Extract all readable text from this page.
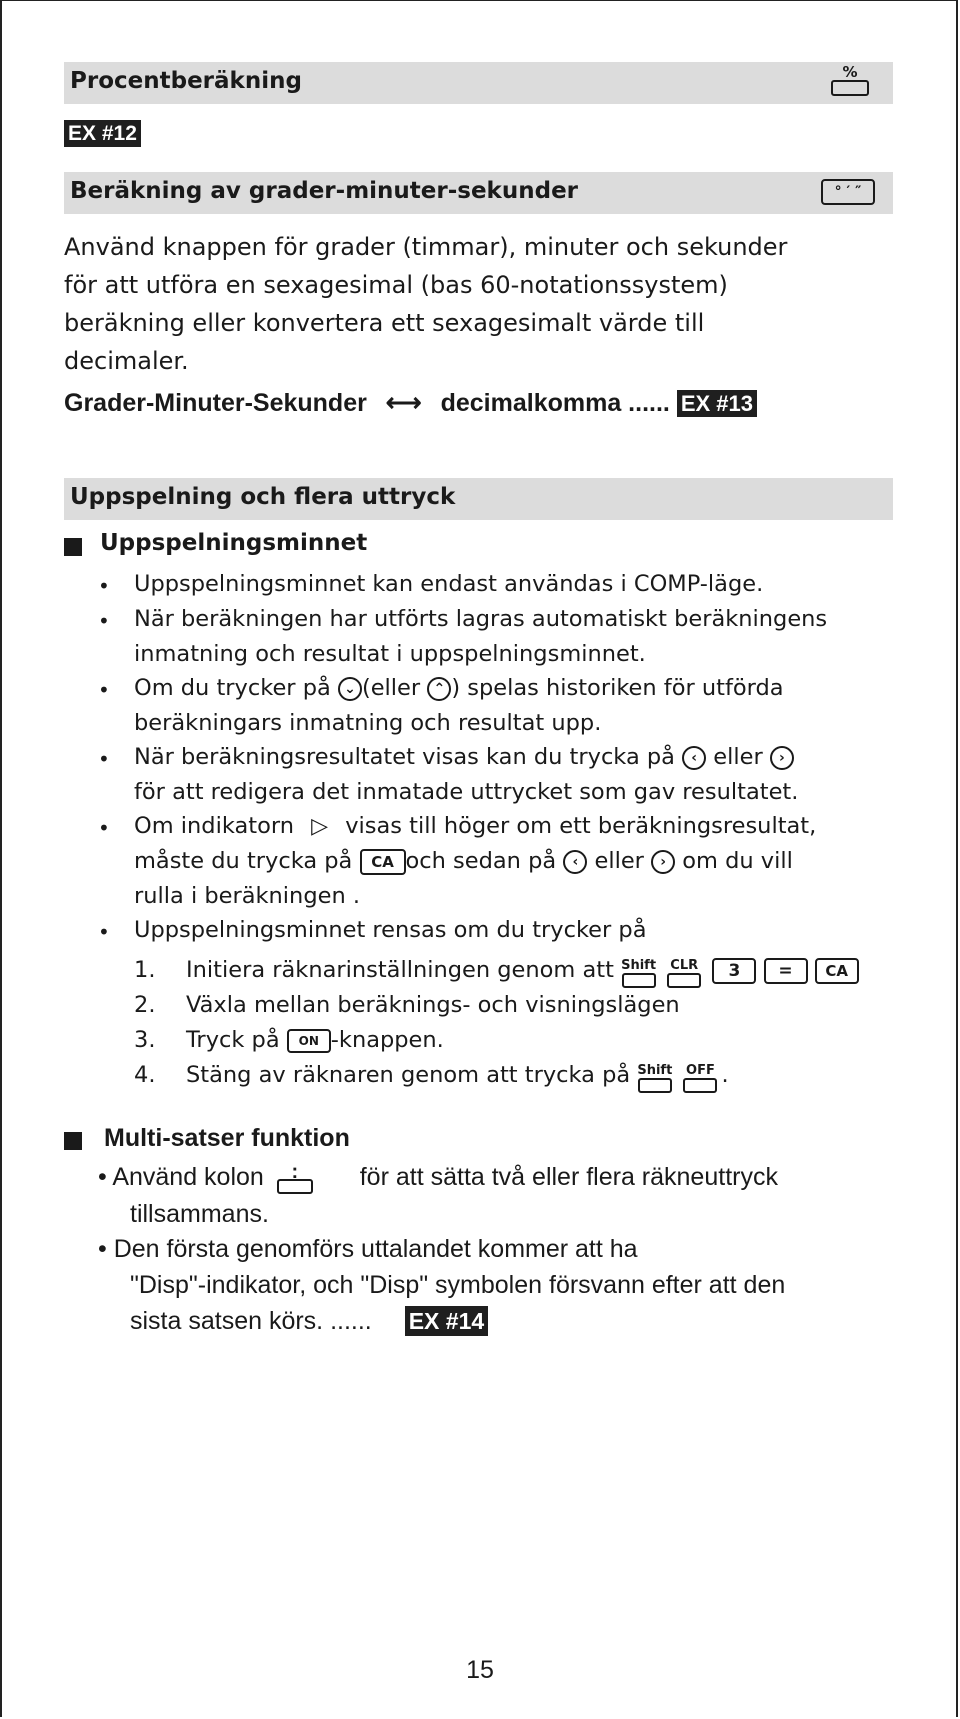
Procentberäkning	%
EX #12
Beräkning av grader-minuter-sekunder	° ′ ″
Använd knappen för grader (timmar), minuter och sekunder
för att utföra en sexagesimal (bas 60-notationssystem)
beräkning eller konvertera ett sexagesimalt värde till
decimaler.
Grader-Minuter-Sekunder ⟷ decimalkomma ...... EX #13
Uppspelning och flera uttryck
Uppspelningsminnet
• Uppspelningsminnet kan endast användas i COMP-läge.
• När beräkningen har utförts lagras automatiskt beräkningens
inmatning och resultat i uppspelningsminnet.
• Om du trycker på ⌄ (eller ⌃ ) spelas historiken för utförda
beräkningars inmatning och resultat upp.
• När beräkningsresultatet visas kan du trycka på ‹ eller ›
för att redigera det inmatade uttrycket som gav resultatet.
• Om indikatorn ▷ visas till höger om ett beräkningsresultat,
måste du trycka på CA och sedan på ‹ eller › om du vill
rulla i beräkningen .
• Uppspelningsminnet rensas om du trycker på
1. Initiera räknarinställningen genom att Shift
CLR 3 = CA
2. Växla mellan beräknings- och visningslägen
3. Tryck på ON -knappen.
4. Stäng av räknaren genom att trycka på Shift
OFF .
Multi-satser funktion
• Använd kolon : för att sätta två eller flera räkneuttryck
tillsammans.
• Den första genomförs uttalandet kommer att ha
"Disp"-indikator, och "Disp" symbolen försvann efter att den
sista satsen körs. ...... EX #14
15
